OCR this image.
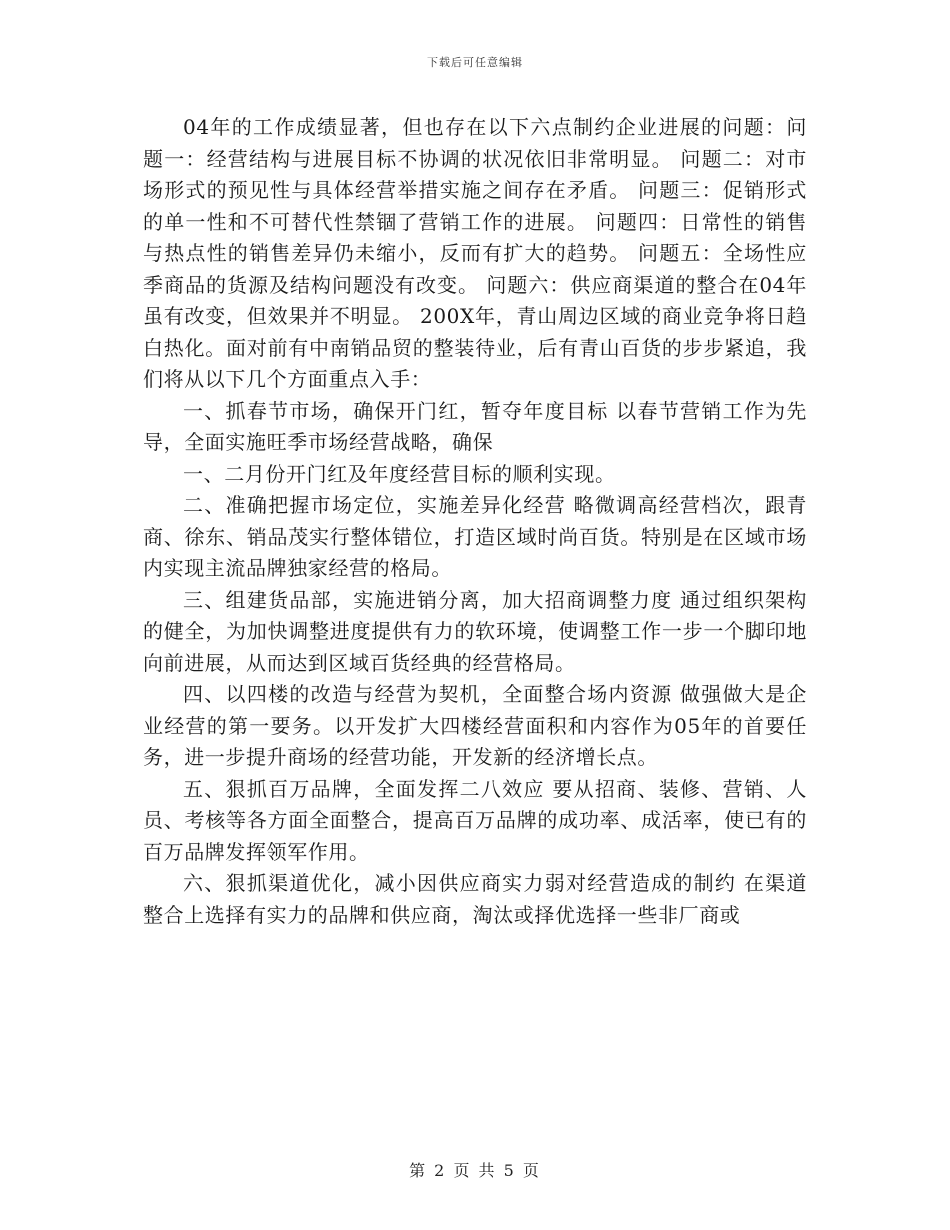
下载后可任意编辑

04年的工作成绩显著，但也存在以下六点制约企业进展的问题：问题一：经营结构与进展目标不协调的状况依旧非常明显。 问题二：对市场形式的预见性与具体经营举措实施之间存在矛盾。 问题三：促销形式的单一性和不可替代性禁锢了营销工作的进展。 问题四：日常性的销售与热点性的销售差异仍未缩小，反而有扩大的趋势。 问题五：全场性应季商品的货源及结构问题没有改变。 问题六：供应商渠道的整合在04年虽有改变，但效果并不明显。 200X年，青山周边区域的商业竞争将日趋白热化。面对前有中南销品贸的整装待业，后有青山百货的步步紧追，我们将从以下几个方面重点入手：

一、抓春节市场，确保开门红，暂夺年度目标 以春节营销工作为先导，全面实施旺季市场经营战略，确保

一、二月份开门红及年度经营目标的顺利实现。

二、准确把握市场定位，实施差异化经营 略微调高经营档次，跟青商、徐东、销品茂实行整体错位，打造区域时尚百货。特别是在区域市场内实现主流品牌独家经营的格局。

三、组建货品部，实施进销分离，加大招商调整力度 通过组织架构的健全，为加快调整进度提供有力的软环境，使调整工作一步一个脚印地向前进展，从而达到区域百货经典的经营格局。

四、以四楼的改造与经营为契机，全面整合场内资源 做强做大是企业经营的第一要务。以开发扩大四楼经营面积和内容作为05年的首要任务，进一步提升商场的经营功能，开发新的经济增长点。

五、狠抓百万品牌，全面发挥二八效应 要从招商、装修、营销、人员、考核等各方面全面整合，提高百万品牌的成功率、成活率，使已有的百万品牌发挥领军作用。

六、狠抓渠道优化，减小因供应商实力弱对经营造成的制约 在渠道整合上选择有实力的品牌和供应商，淘汰或择优选择一些非厂商或

第 2 页 共 5 页
